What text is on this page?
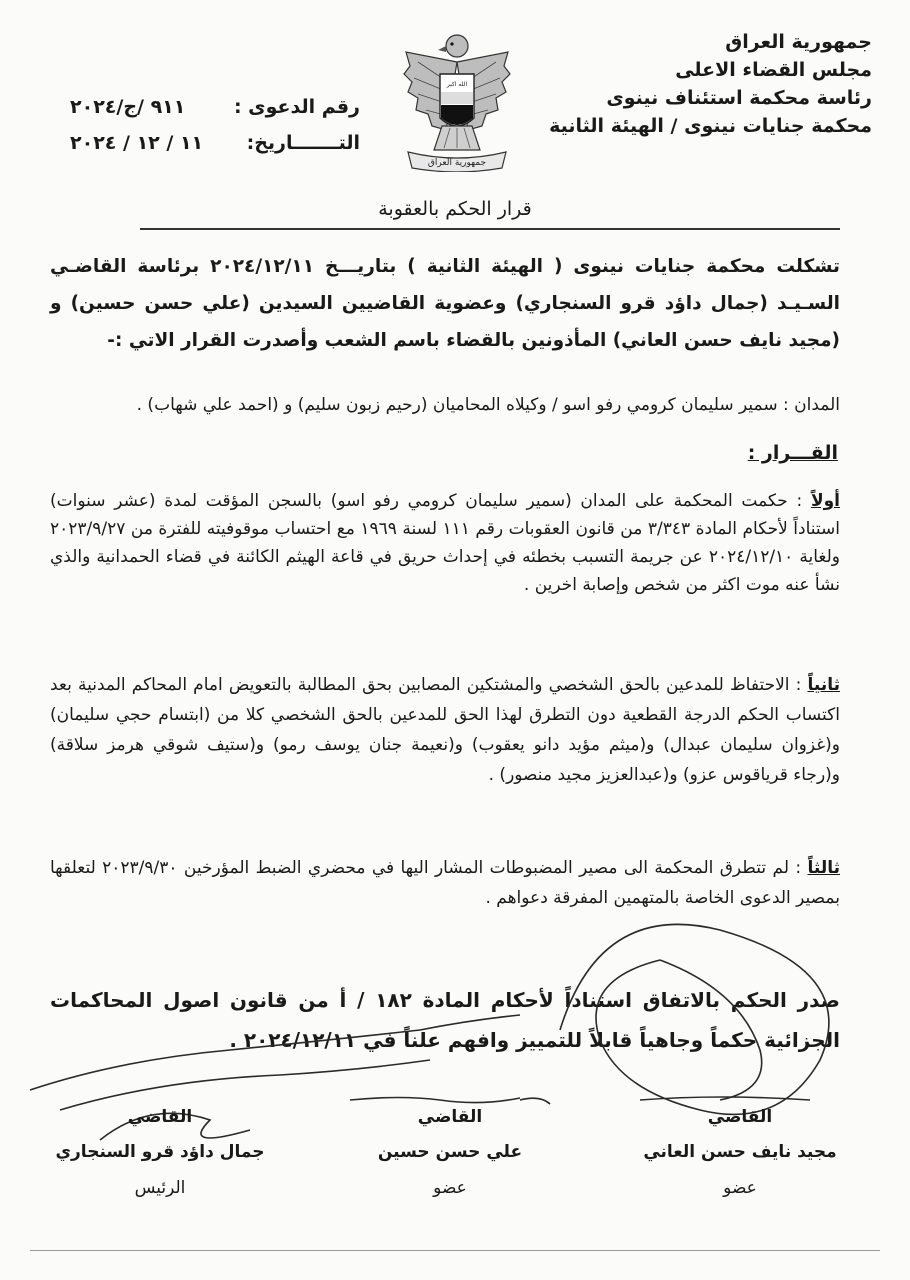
جمهورية العراق
مجلس القضاء الاعلى
رئاسة محكمة استئناف نينوى
محكمة جنايات نينوى / الهيئة الثانية
الله اكبر
جمهورية العراق
رقم الدعوى :
٩١١ /ج/٢٠٢٤
التـــــــاريخ:
١١ / ١٢ / ٢٠٢٤
قرار الحكم بالعقوبة
تشكلت محكمة جنايات نينوى ( الهيئة الثانية ) بتاريـــخ ٢٠٢٤/١٢/١١ برئاسة القاضـي السـيـد (جمال داؤد قرو السنجاري) وعضوية القاضيين السيدين (علي حسن حسين) و (مجيد نايف حسن العاني) المأذونين بالقضاء باسم الشعب وأصدرت القرار الاتي :-
المدان : سمير سليمان كرومي رفو اسو / وكيلاه المحاميان (رحيم زبون سليم) و (احمد علي شهاب) .
القـــرار :
أولاً : حكمت المحكمة على المدان (سمير سليمان كرومي رفو اسو) بالسجن المؤقت لمدة (عشر سنوات) استناداً لأحكام المادة ٣/٣٤٣ من قانون العقوبات رقم ١١١ لسنة ١٩٦٩ مع احتساب موقوفيته للفترة من ٢٠٢٣/٩/٢٧ ولغاية ٢٠٢٤/١٢/١٠ عن جريمة التسبب بخطئه في إحداث حريق في قاعة الهيثم الكائنة في قضاء الحمدانية والذي نشأ عنه موت اكثر من شخص وإصابة اخرين .
ثانياً : الاحتفاظ للمدعين بالحق الشخصي والمشتكين المصابين بحق المطالبة بالتعويض امام المحاكم المدنية بعد اكتساب الحكم الدرجة القطعية دون التطرق لهذا الحق للمدعين بالحق الشخصي كلا من (ابتسام حجي سليمان) و(غزوان سليمان عبدال) و(ميثم مؤيد دانو يعقوب) و(نعيمة جنان يوسف رمو) و(ستيف شوقي هرمز سلاقة) و(رجاء قرياقوس عزو) و(عبدالعزيز مجيد منصور) .
ثالثاً : لم تتطرق المحكمة الى مصير المضبوطات المشار اليها في محضري الضبط المؤرخين ٢٠٢٣/٩/٣٠ لتعلقها بمصير الدعوى الخاصة بالمتهمين المفرقة دعواهم .
صدر الحكم بالاتفاق استناداً لأحكام المادة ١٨٢ / أ من قانون اصول المحاكمات الجزائية حكماً وجاهياً قابلاً للتمييز وافهم علناً في ٢٠٢٤/١٢/١١ .
القاضي
جمال داؤد قرو السنجاري
الرئيس
القاضي
علي حسن حسين
عضو
القاضي
مجيد نايف حسن العاني
عضو
